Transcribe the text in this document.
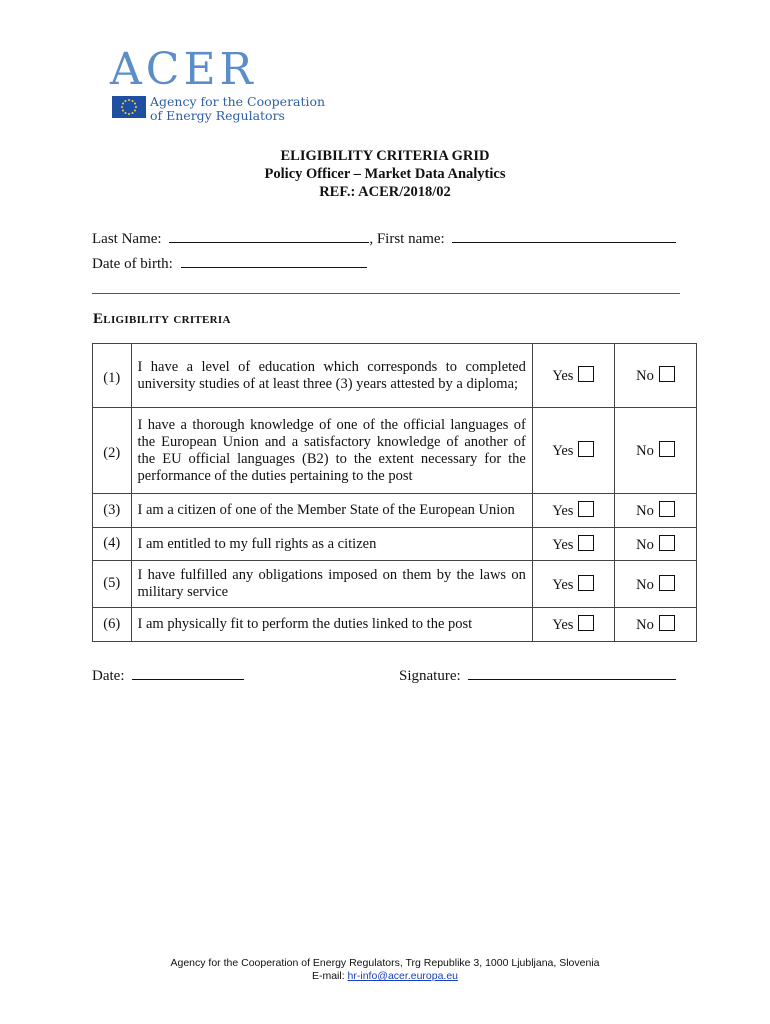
ACER
Agency for the Cooperation
of Energy Regulators
ELIGIBILITY CRITERIA GRID
Policy Officer – Market Data Analytics
REF.: ACER/2018/02
Last Name:	, First name:
Date of birth:
Eligibility criteria
(1)	I have a level of education which corresponds to completed university studies of at least three (3) years attested by a diploma;	Yes	No
(2)	I have a thorough knowledge of one of the official languages of the European Union and a satisfactory knowledge of another of the EU official languages (B2) to the extent necessary for the performance of the duties pertaining to the post	Yes	No
(3)	I am a citizen of one of the Member State of the European Union	Yes	No
(4)	I am entitled to my full rights as a citizen	Yes	No
(5)	I have fulfilled any obligations imposed on them by the laws on military service	Yes	No
(6)	I am physically fit to perform the duties linked to the post	Yes	No
Date:	Signature:
Agency for the Cooperation of Energy Regulators, Trg Republike 3, 1000 Ljubljana, Slovenia
E-mail: hr-info@acer.europa.eu
